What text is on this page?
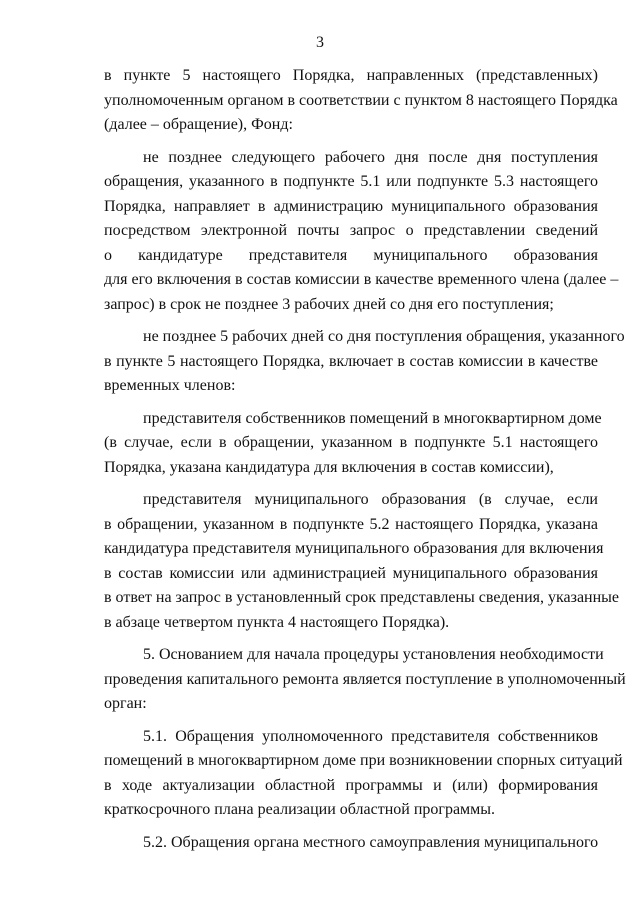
3
в пункте 5 настоящего Порядка, направленных (представленных)
уполномоченным органом в соответствии с пунктом 8 настоящего Порядка
(далее – обращение), Фонд:
не позднее следующего рабочего дня после дня поступления
обращения, указанного в подпункте 5.1 или подпункте 5.3 настоящего
Порядка, направляет в администрацию муниципального образования
посредством электронной почты запрос о представлении сведений
о кандидатуре представителя муниципального образования
для его включения в состав комиссии в качестве временного члена (далее –
запрос) в срок не позднее 3 рабочих дней со дня его поступления;
не позднее 5 рабочих дней со дня поступления обращения, указанного
в пункте 5 настоящего Порядка, включает в состав комиссии в качестве
временных членов:
представителя собственников помещений в многоквартирном доме
(в случае, если в обращении, указанном в подпункте 5.1 настоящего
Порядка, указана кандидатура для включения в состав комиссии),
представителя муниципального образования (в случае, если
в обращении, указанном в подпункте 5.2 настоящего Порядка, указана
кандидатура представителя муниципального образования для включения
в состав комиссии или администрацией муниципального образования
в ответ на запрос в установленный срок представлены сведения, указанные
в абзаце четвертом пункта 4 настоящего Порядка).
5. Основанием для начала процедуры установления необходимости
проведения капитального ремонта является поступление в уполномоченный
орган:
5.1. Обращения уполномоченного представителя собственников
помещений в многоквартирном доме при возникновении спорных ситуаций
в ходе актуализации областной программы и (или) формирования
краткосрочного плана реализации областной программы.
5.2. Обращения органа местного самоуправления муниципального
